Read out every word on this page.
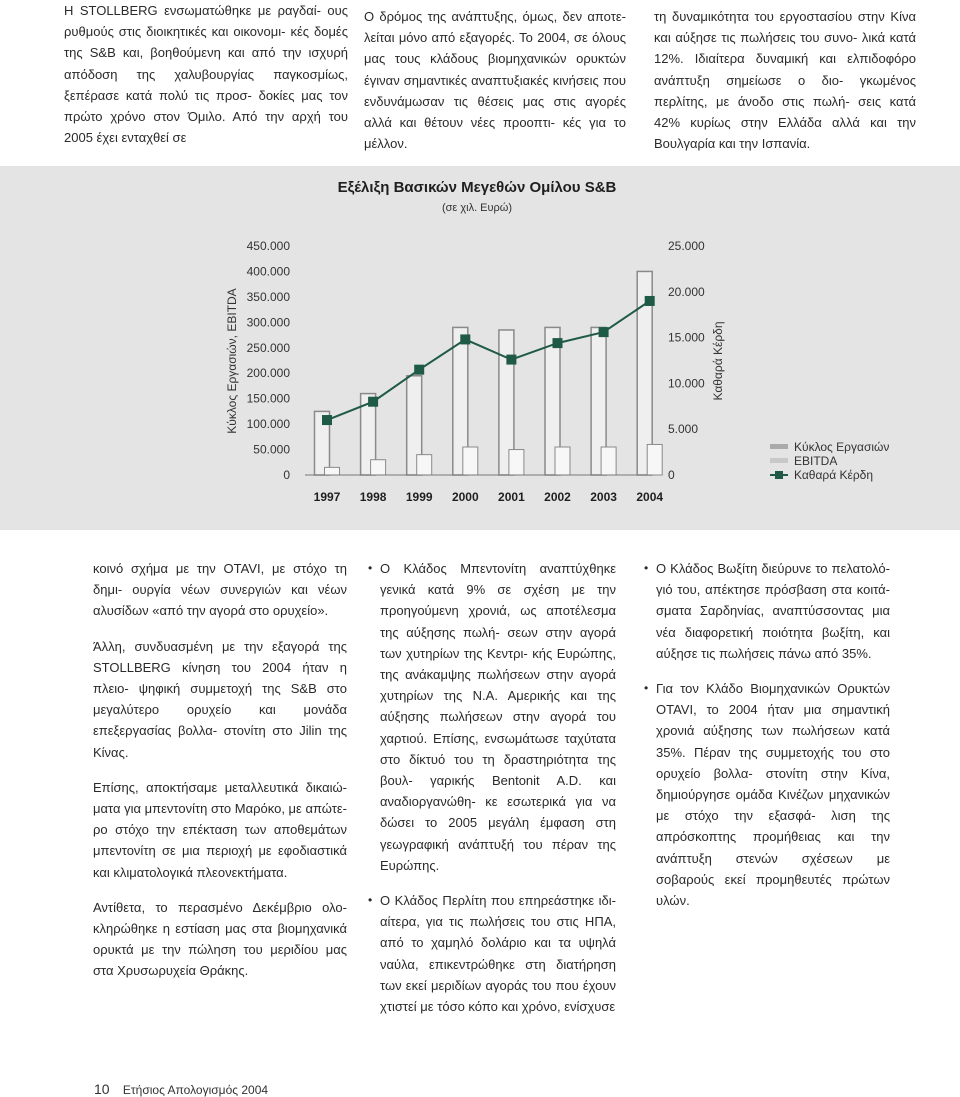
Η STOLLBERG ενσωματώθηκε με ραγδαί- ους ρυθμούς στις διοικητικές και οικονομι- κές δομές της S&B και, βοηθούμενη και από την ισχυρή απόδοση της χαλυβουργίας παγκοσμίως, ξεπέρασε κατά πολύ τις προσ- δοκίες μας τον πρώτο χρόνο στον Όμιλο. Από την αρχή του 2005 έχει ενταχθεί σε

Ο δρόμος της ανάπτυξης, όμως, δεν αποτε- λείται μόνο από εξαγορές. Το 2004, σε όλους μας τους κλάδους βιομηχανικών ορυκτών έγιναν σημαντικές αναπτυξιακές κινήσεις που ενδυνάμωσαν τις θέσεις μας στις αγορές αλλά και θέτουν νέες προοπτι- κές για το μέλλον.

τη δυναμικότητα του εργοστασίου στην Κίνα και αύξησε τις πωλήσεις του συνο- λικά κατά 12%. Ιδιαίτερα δυναμική και ελπιδοφόρο ανάπτυξη σημείωσε ο διο- γκωμένος περλίτης, με άνοδο στις πωλή- σεις κατά 42% κυρίως στην Ελλάδα αλλά και την Βουλγαρία και την Ισπανία.

Εξέλιξη Βασικών Μεγεθών Ομίλου S&B
(σε χιλ. Ευρώ)
0
50.000
100.000
150.000
200.000
250.000
300.000
350.000
400.000
450.000
0
5.000
10.000
15.000
20.000
25.000
Κύκλος Εργασιών, EBITDA	Καθαρά Κέρδη
1997 1998 1999 2000 2001 2002 2003 2004
Κύκλος Εργασιών
EBITDA
Καθαρά Κέρδη

κοινό σχήμα με την OTAVI, με στόχο τη δημι- ουργία νέων συνεργιών και νέων αλυσίδων «από την αγορά στο ορυχείο».

Άλλη, συνδυασμένη με την εξαγορά της STOLLBERG κίνηση του 2004 ήταν η πλειο- ψηφική συμμετοχή της S&B στο μεγαλύτερο ορυχείο και μονάδα επεξεργασίας βολλα- στονίτη στο Jilin της Κίνας.

Επίσης, αποκτήσαμε μεταλλευτικά δικαιώ- ματα για μπεντονίτη στο Μαρόκο, με απώτε- ρο στόχο την επέκταση των αποθεμάτων μπεντονίτη σε μια περιοχή με εφοδιαστικά και κλιματολογικά πλεονεκτήματα.

Αντίθετα, το περασμένο Δεκέμβριο ολο- κληρώθηκε η εστίαση μας στα βιομηχανικά ορυκτά με την πώληση του μεριδίου μας στα Χρυσωρυχεία Θράκης.

• Ο Κλάδος Μπεντονίτη αναπτύχθηκε γενικά κατά 9% σε σχέση με την προηγούμενη χρονιά, ως αποτέλεσμα της αύξησης πωλή- σεων στην αγορά των χυτηρίων της Κεντρι- κής Ευρώπης, της ανάκαμψης πωλήσεων στην αγορά χυτηρίων της Ν.Α. Αμερικής και της αύξησης πωλήσεων στην αγορά του χαρτιού. Επίσης, ενσωμάτωσε ταχύτατα στο δίκτυό του τη δραστηριότητα της βουλ- γαρικής Bentonit A.D. και αναδιοργανώθη- κε εσωτερικά για να δώσει το 2005 μεγάλη έμφαση στη γεωγραφική ανάπτυξή του πέραν της Ευρώπης.
• Ο Κλάδος Περλίτη που επηρεάστηκε ιδι- αίτερα, για τις πωλήσεις του στις ΗΠΑ, από το χαμηλό δολάριο και τα υψηλά ναύλα, επικεντρώθηκε στη διατήρηση των εκεί μεριδίων αγοράς του που έχουν χτιστεί με τόσο κόπο και χρόνο, ενίσχυσε
• Ο Κλάδος Βωξίτη διεύρυνε το πελατολό- γιό του, απέκτησε πρόσβαση στα κοιτά- σματα Σαρδηνίας, αναπτύσσοντας μια νέα διαφορετική ποιότητα βωξίτη, και αύξησε τις πωλήσεις πάνω από 35%.
• Για τον Κλάδο Βιομηχανικών Ορυκτών OTAVI, το 2004 ήταν μια σημαντική χρονιά αύξησης των πωλήσεων κατά 35%. Πέραν της συμμετοχής του στο ορυχείο βολλα- στονίτη στην Κίνα, δημιούργησε ομάδα Κινέζων μηχανικών με στόχο την εξασφά- λιση της απρόσκοπτης προμήθειας και την ανάπτυξη στενών σχέσεων με σοβαρούς εκεί προμηθευτές πρώτων υλών.
10 Ετήσιος Απολογισμός 2004
